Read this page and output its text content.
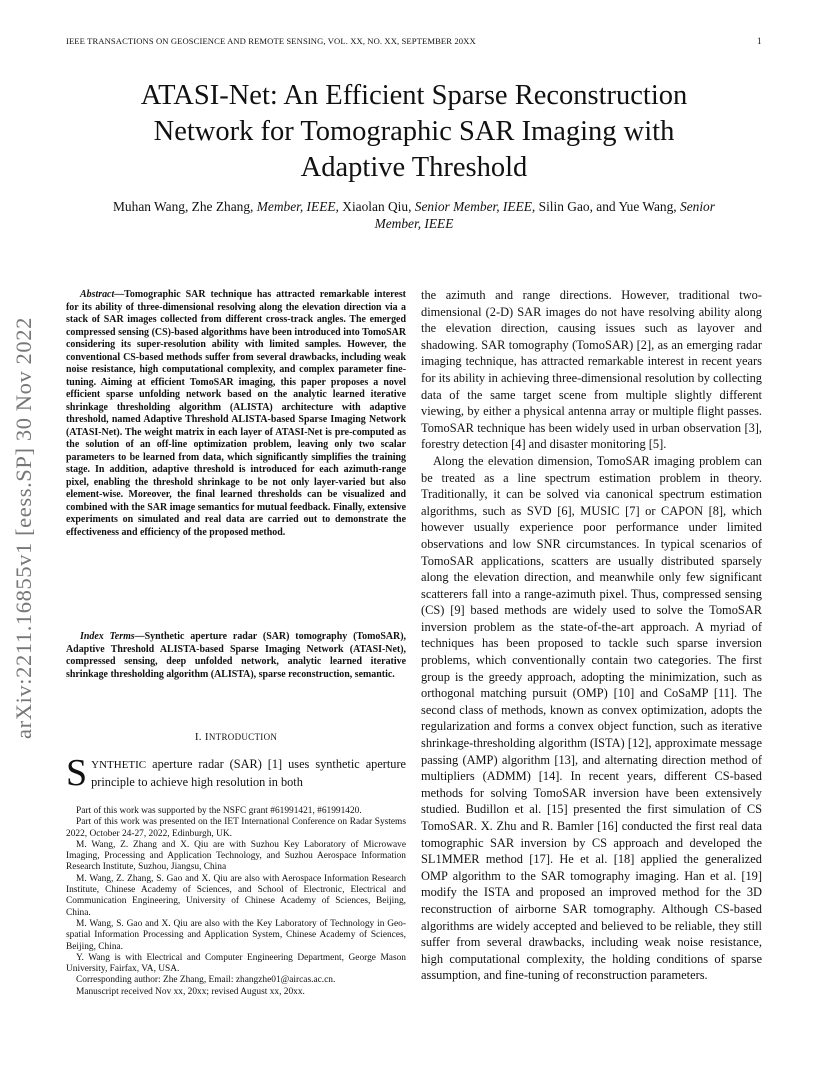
IEEE TRANSACTIONS ON GEOSCIENCE AND REMOTE SENSING, VOL. XX, NO. XX, SEPTEMBER 20XX	1
arXiv:2211.16855v1 [eess.SP] 30 Nov 2022
ATASI-Net: An Efficient Sparse Reconstruction
Network for Tomographic SAR Imaging with
Adaptive Threshold
Muhan Wang, Zhe Zhang, Member, IEEE, Xiaolan Qiu, Senior Member, IEEE, Silin Gao, and Yue Wang, Senior
Member, IEEE
Abstract—Tomographic SAR technique has attracted remarkable interest for its ability of three-dimensional resolving along the elevation direction via a stack of SAR images collected from different cross-track angles. The emerged compressed sensing (CS)-based algorithms have been introduced into TomoSAR considering its super-resolution ability with limited samples. However, the conventional CS-based methods suffer from several drawbacks, including weak noise resistance, high computational complexity, and complex parameter fine-tuning. Aiming at efficient TomoSAR imaging, this paper proposes a novel efficient sparse unfolding network based on the analytic learned iterative shrinkage thresholding algorithm (ALISTA) architecture with adaptive threshold, named Adaptive Threshold ALISTA-based Sparse Imaging Network (ATASI-Net). The weight matrix in each layer of ATASI-Net is pre-computed as the solution of an off-line optimization problem, leaving only two scalar parameters to be learned from data, which significantly simplifies the training stage. In addition, adaptive threshold is introduced for each azimuth-range pixel, enabling the threshold shrinkage to be not only layer-varied but also element-wise. Moreover, the final learned thresholds can be visualized and combined with the SAR image semantics for mutual feedback. Finally, extensive experiments on simulated and real data are carried out to demonstrate the effectiveness and efficiency of the proposed method.
Index Terms—Synthetic aperture radar (SAR) tomography (TomoSAR), Adaptive Threshold ALISTA-based Sparse Imaging Network (ATASI-Net), compressed sensing, deep unfolded network, analytic learned iterative shrinkage thresholding algorithm (ALISTA), sparse reconstruction, semantic.
I. INTRODUCTION
SYNTHETIC aperture radar (SAR) [1] uses synthetic aperture principle to achieve high resolution in both

Part of this work was supported by the NSFC grant #61991421, #61991420.

Part of this work was presented on the IET International Conference on Radar Systems 2022, October 24-27, 2022, Edinburgh, UK.

M. Wang, Z. Zhang and X. Qiu are with Suzhou Key Laboratory of Microwave Imaging, Processing and Application Technology, and Suzhou Aerospace Information Research Institute, Suzhou, Jiangsu, China

M. Wang, Z. Zhang, S. Gao and X. Qiu are also with Aerospace Information Research Institute, Chinese Academy of Sciences, and School of Electronic, Electrical and Communication Engineering, University of Chinese Academy of Sciences, Beijing, China.

M. Wang, S. Gao and X. Qiu are also with the Key Laboratory of Technology in Geo-spatial Information Processing and Application System, Chinese Academy of Sciences, Beijing, China.

Y. Wang is with Electrical and Computer Engineering Department, George Mason University, Fairfax, VA, USA.

Corresponding author: Zhe Zhang, Email: zhangzhe01@aircas.ac.cn.

Manuscript received Nov xx, 20xx; revised August xx, 20xx.

the azimuth and range directions. However, traditional two-dimensional (2-D) SAR images do not have resolving ability along the elevation direction, causing issues such as layover and shadowing. SAR tomography (TomoSAR) [2], as an emerging radar imaging technique, has attracted remarkable interest in recent years for its ability in achieving three-dimensional resolution by collecting data of the same target scene from multiple slightly different viewing, by either a physical antenna array or multiple flight passes. TomoSAR technique has been widely used in urban observation [3], forestry detection [4] and disaster monitoring [5].

Along the elevation dimension, TomoSAR imaging problem can be treated as a line spectrum estimation problem in theory. Traditionally, it can be solved via canonical spectrum estimation algorithms, such as SVD [6], MUSIC [7] or CAPON [8], which however usually experience poor performance under limited observations and low SNR circumstances. In typical scenarios of TomoSAR applications, scatters are usually distributed sparsely along the elevation direction, and meanwhile only few significant scatterers fall into a range-azimuth pixel. Thus, compressed sensing (CS) [9] based methods are widely used to solve the TomoSAR inversion problem as the state-of-the-art approach. A myriad of techniques has been proposed to tackle such sparse inversion problems, which conventionally contain two categories. The first group is the greedy approach, adopting the minimization, such as orthogonal matching pursuit (OMP) [10] and CoSaMP [11]. The second class of methods, known as convex optimization, adopts the regularization and forms a convex object function, such as iterative shrinkage-thresholding algorithm (ISTA) [12], approximate message passing (AMP) algorithm [13], and alternating direction method of multipliers (ADMM) [14]. In recent years, different CS-based methods for solving TomoSAR inversion have been extensively studied. Budillon et al. [15] presented the first simulation of CS TomoSAR. X. Zhu and R. Bamler [16] conducted the first real data tomographic SAR inversion by CS approach and developed the SL1MMER method [17]. He et al. [18] applied the generalized OMP algorithm to the SAR tomography imaging. Han et al. [19] modify the ISTA and proposed an improved method for the 3D reconstruction of airborne SAR tomography. Although CS-based algorithms are widely accepted and believed to be reliable, they still suffer from several drawbacks, including weak noise resistance, high computational complexity, the holding conditions of sparse assumption, and fine-tuning of reconstruction parameters.
